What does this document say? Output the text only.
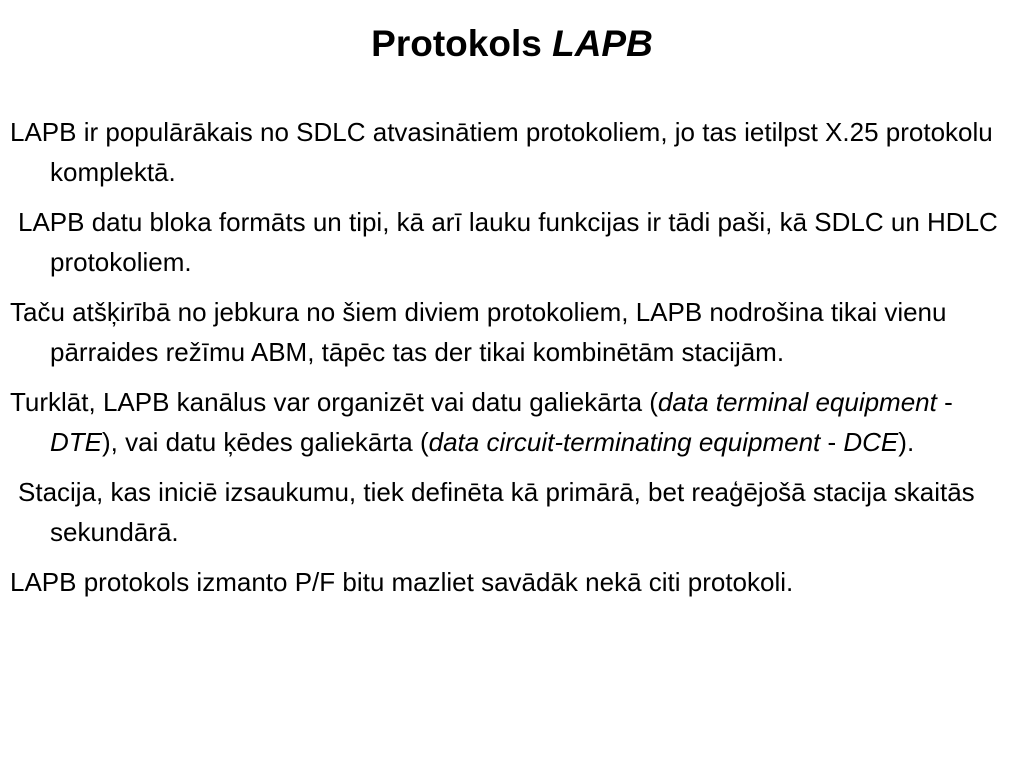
Protokols LAPB

LAPB ir populārākais no SDLC atvasinātiem protokoliem, jo tas ietilpst X.25 protokolu komplektā.

LAPB datu bloka formāts un tipi, kā arī lauku funkcijas ir tādi paši, kā SDLC un HDLC protokoliem.

Taču atšķirībā no jebkura no šiem diviem protokoliem, LAPB nodrošina tikai vienu pārraides režīmu ABM, tāpēc tas der tikai kombinētām stacijām.

Turklāt, LAPB kanālus var organizēt vai datu galiekārta (data terminal equipment - DTE), vai datu ķēdes galiekārta (data circuit-terminating equipment - DCE).

Stacija, kas iniciē izsaukumu, tiek definēta kā primārā, bet reaģējošā stacija skaitās sekundārā.

LAPB protokols izmanto P/F bitu mazliet savādāk nekā citi protokoli.
